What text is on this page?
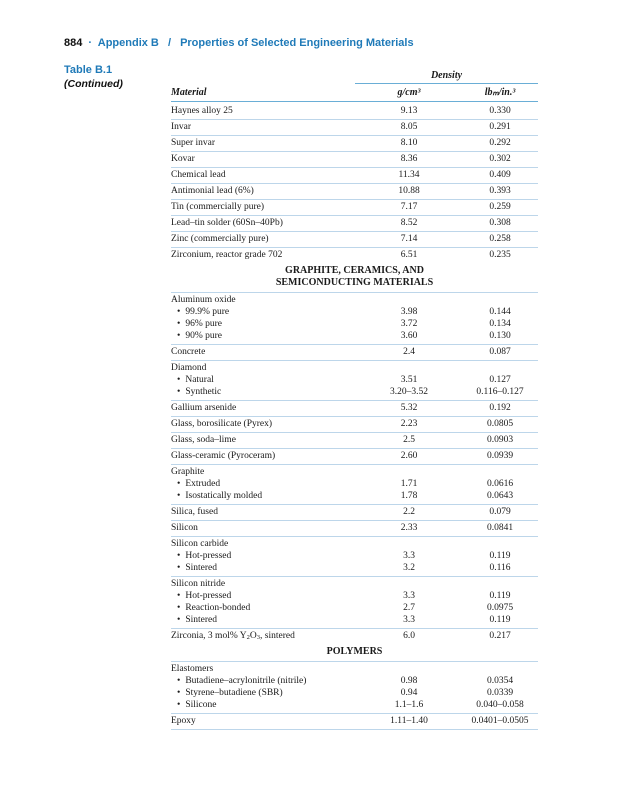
884 · Appendix B / Properties of Selected Engineering Materials
Table B.1
(Continued)
Density
Material	g/cm³	lbₘ/in.³
Haynes alloy 25	9.13	0.330
Invar	8.05	0.291
Super invar	8.10	0.292
Kovar	8.36	0.302
Chemical lead	11.34	0.409
Antimonial lead (6%)	10.88	0.393
Tin (commercially pure)	7.17	0.259
Lead–tin solder (60Sn–40Pb)	8.52	0.308
Zinc (commercially pure)	7.14	0.258
Zirconium, reactor grade 702	6.51	0.235
GRAPHITE, CERAMICS, AND
SEMICONDUCTING MATERIALS
Aluminum oxide
• 99.9% pure	3.98	0.144
• 96% pure	3.72	0.134
• 90% pure	3.60	0.130
Concrete	2.4	0.087
Diamond
• Natural	3.51	0.127
• Synthetic	3.20–3.52	0.116–0.127
Gallium arsenide	5.32	0.192
Glass, borosilicate (Pyrex)	2.23	0.0805
Glass, soda–lime	2.5	0.0903
Glass-ceramic (Pyroceram)	2.60	0.0939
Graphite
• Extruded	1.71	0.0616
• Isostatically molded	1.78	0.0643
Silica, fused	2.2	0.079
Silicon	2.33	0.0841
Silicon carbide
• Hot-pressed	3.3	0.119
• Sintered	3.2	0.116
Silicon nitride
• Hot-pressed	3.3	0.119
• Reaction-bonded	2.7	0.0975
• Sintered	3.3	0.119
Zirconia, 3 mol% $Y_2O_3$, sintered	6.0	0.217
POLYMERS
Elastomers
• Butadiene–acrylonitrile (nitrile)	0.98	0.0354
• Styrene–butadiene (SBR)	0.94	0.0339
• Silicone	1.1–1.6	0.040–0.058
Epoxy	1.11–1.40	0.0401–0.0505
